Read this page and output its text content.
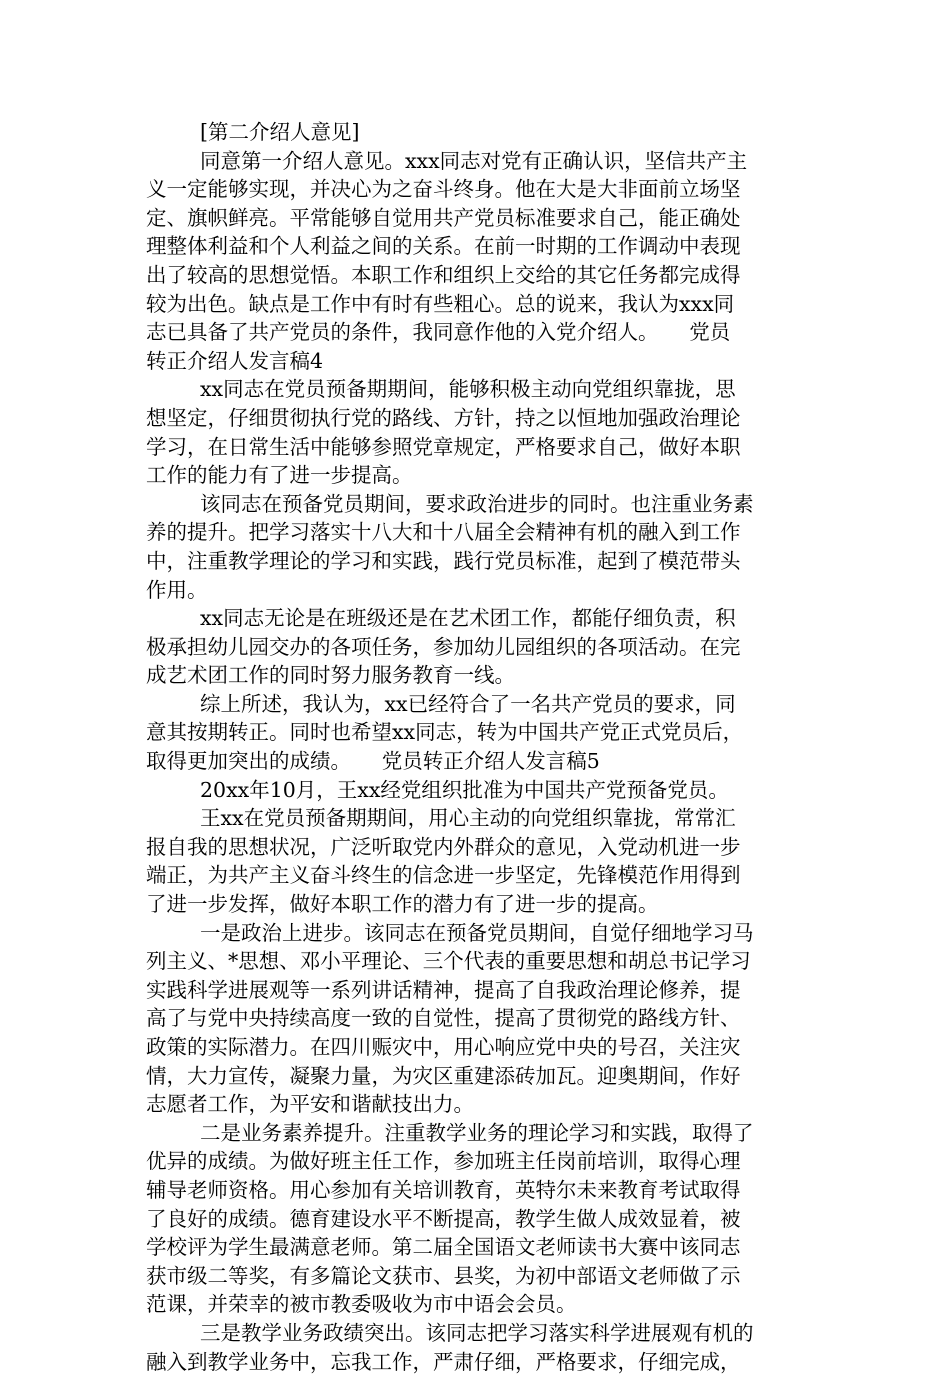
[第二介绍人意见]
同意第一介绍人意见。xxx同志对党有正确认识，坚信共产主
义一定能够实现，并决心为之奋斗终身。他在大是大非面前立场坚
定、旗帜鲜亮。平常能够自觉用共产党员标准要求自己，能正确处
理整体利益和个人利益之间的关系。在前一时期的工作调动中表现
出了较高的思想觉悟。本职工作和组织上交给的其它任务都完成得
较为出色。缺点是工作中有时有些粗心。总的说来，我认为xxx同
志已具备了共产党员的条件，我同意作他的入党介绍人。　　党员
转正介绍人发言稿4
xx同志在党员预备期期间，能够积极主动向党组织靠拢，思
想坚定，仔细贯彻执行党的路线、方针，持之以恒地加强政治理论
学习，在日常生活中能够参照党章规定，严格要求自己，做好本职
工作的能力有了进一步提高。
该同志在预备党员期间，要求政治进步的同时。也注重业务素
养的提升。把学习落实十八大和十八届全会精神有机的融入到工作
中，注重教学理论的学习和实践，践行党员标准，起到了模范带头
作用。
xx同志无论是在班级还是在艺术团工作，都能仔细负责，积
极承担幼儿园交办的各项任务，参加幼儿园组织的各项活动。在完
成艺术团工作的同时努力服务教育一线。
综上所述，我认为，xx已经符合了一名共产党员的要求，同
意其按期转正。同时也希望xx同志，转为中国共产党正式党员后，
取得更加突出的成绩。　　党员转正介绍人发言稿5
20xx年10月，王xx经党组织批准为中国共产党预备党员。
王xx在党员预备期期间，用心主动的向党组织靠拢，常常汇
报自我的思想状况，广泛听取党内外群众的意见，入党动机进一步
端正，为共产主义奋斗终生的信念进一步坚定，先锋模范作用得到
了进一步发挥，做好本职工作的潜力有了进一步的提高。
一是政治上进步。该同志在预备党员期间，自觉仔细地学习马
列主义、*思想、邓小平理论、三个代表的重要思想和胡总书记学习
实践科学进展观等一系列讲话精神，提高了自我政治理论修养，提
高了与党中央持续高度一致的自觉性，提高了贯彻党的路线方针、
政策的实际潜力。在四川赈灾中，用心响应党中央的号召，关注灾
情，大力宣传，凝聚力量，为灾区重建添砖加瓦。迎奥期间，作好
志愿者工作，为平安和谐献技出力。
二是业务素养提升。注重教学业务的理论学习和实践，取得了
优异的成绩。为做好班主任工作，参加班主任岗前培训，取得心理
辅导老师资格。用心参加有关培训教育，英特尔未来教育考试取得
了良好的成绩。德育建设水平不断提高，教学生做人成效显着，被
学校评为学生最满意老师。第二届全国语文老师读书大赛中该同志
获市级二等奖，有多篇论文获市、县奖，为初中部语文老师做了示
范课，并荣幸的被市教委吸收为市中语会会员。
三是教学业务政绩突出。该同志把学习落实科学进展观有机的
融入到教学业务中，忘我工作，严肃仔细，严格要求，仔细完成，
